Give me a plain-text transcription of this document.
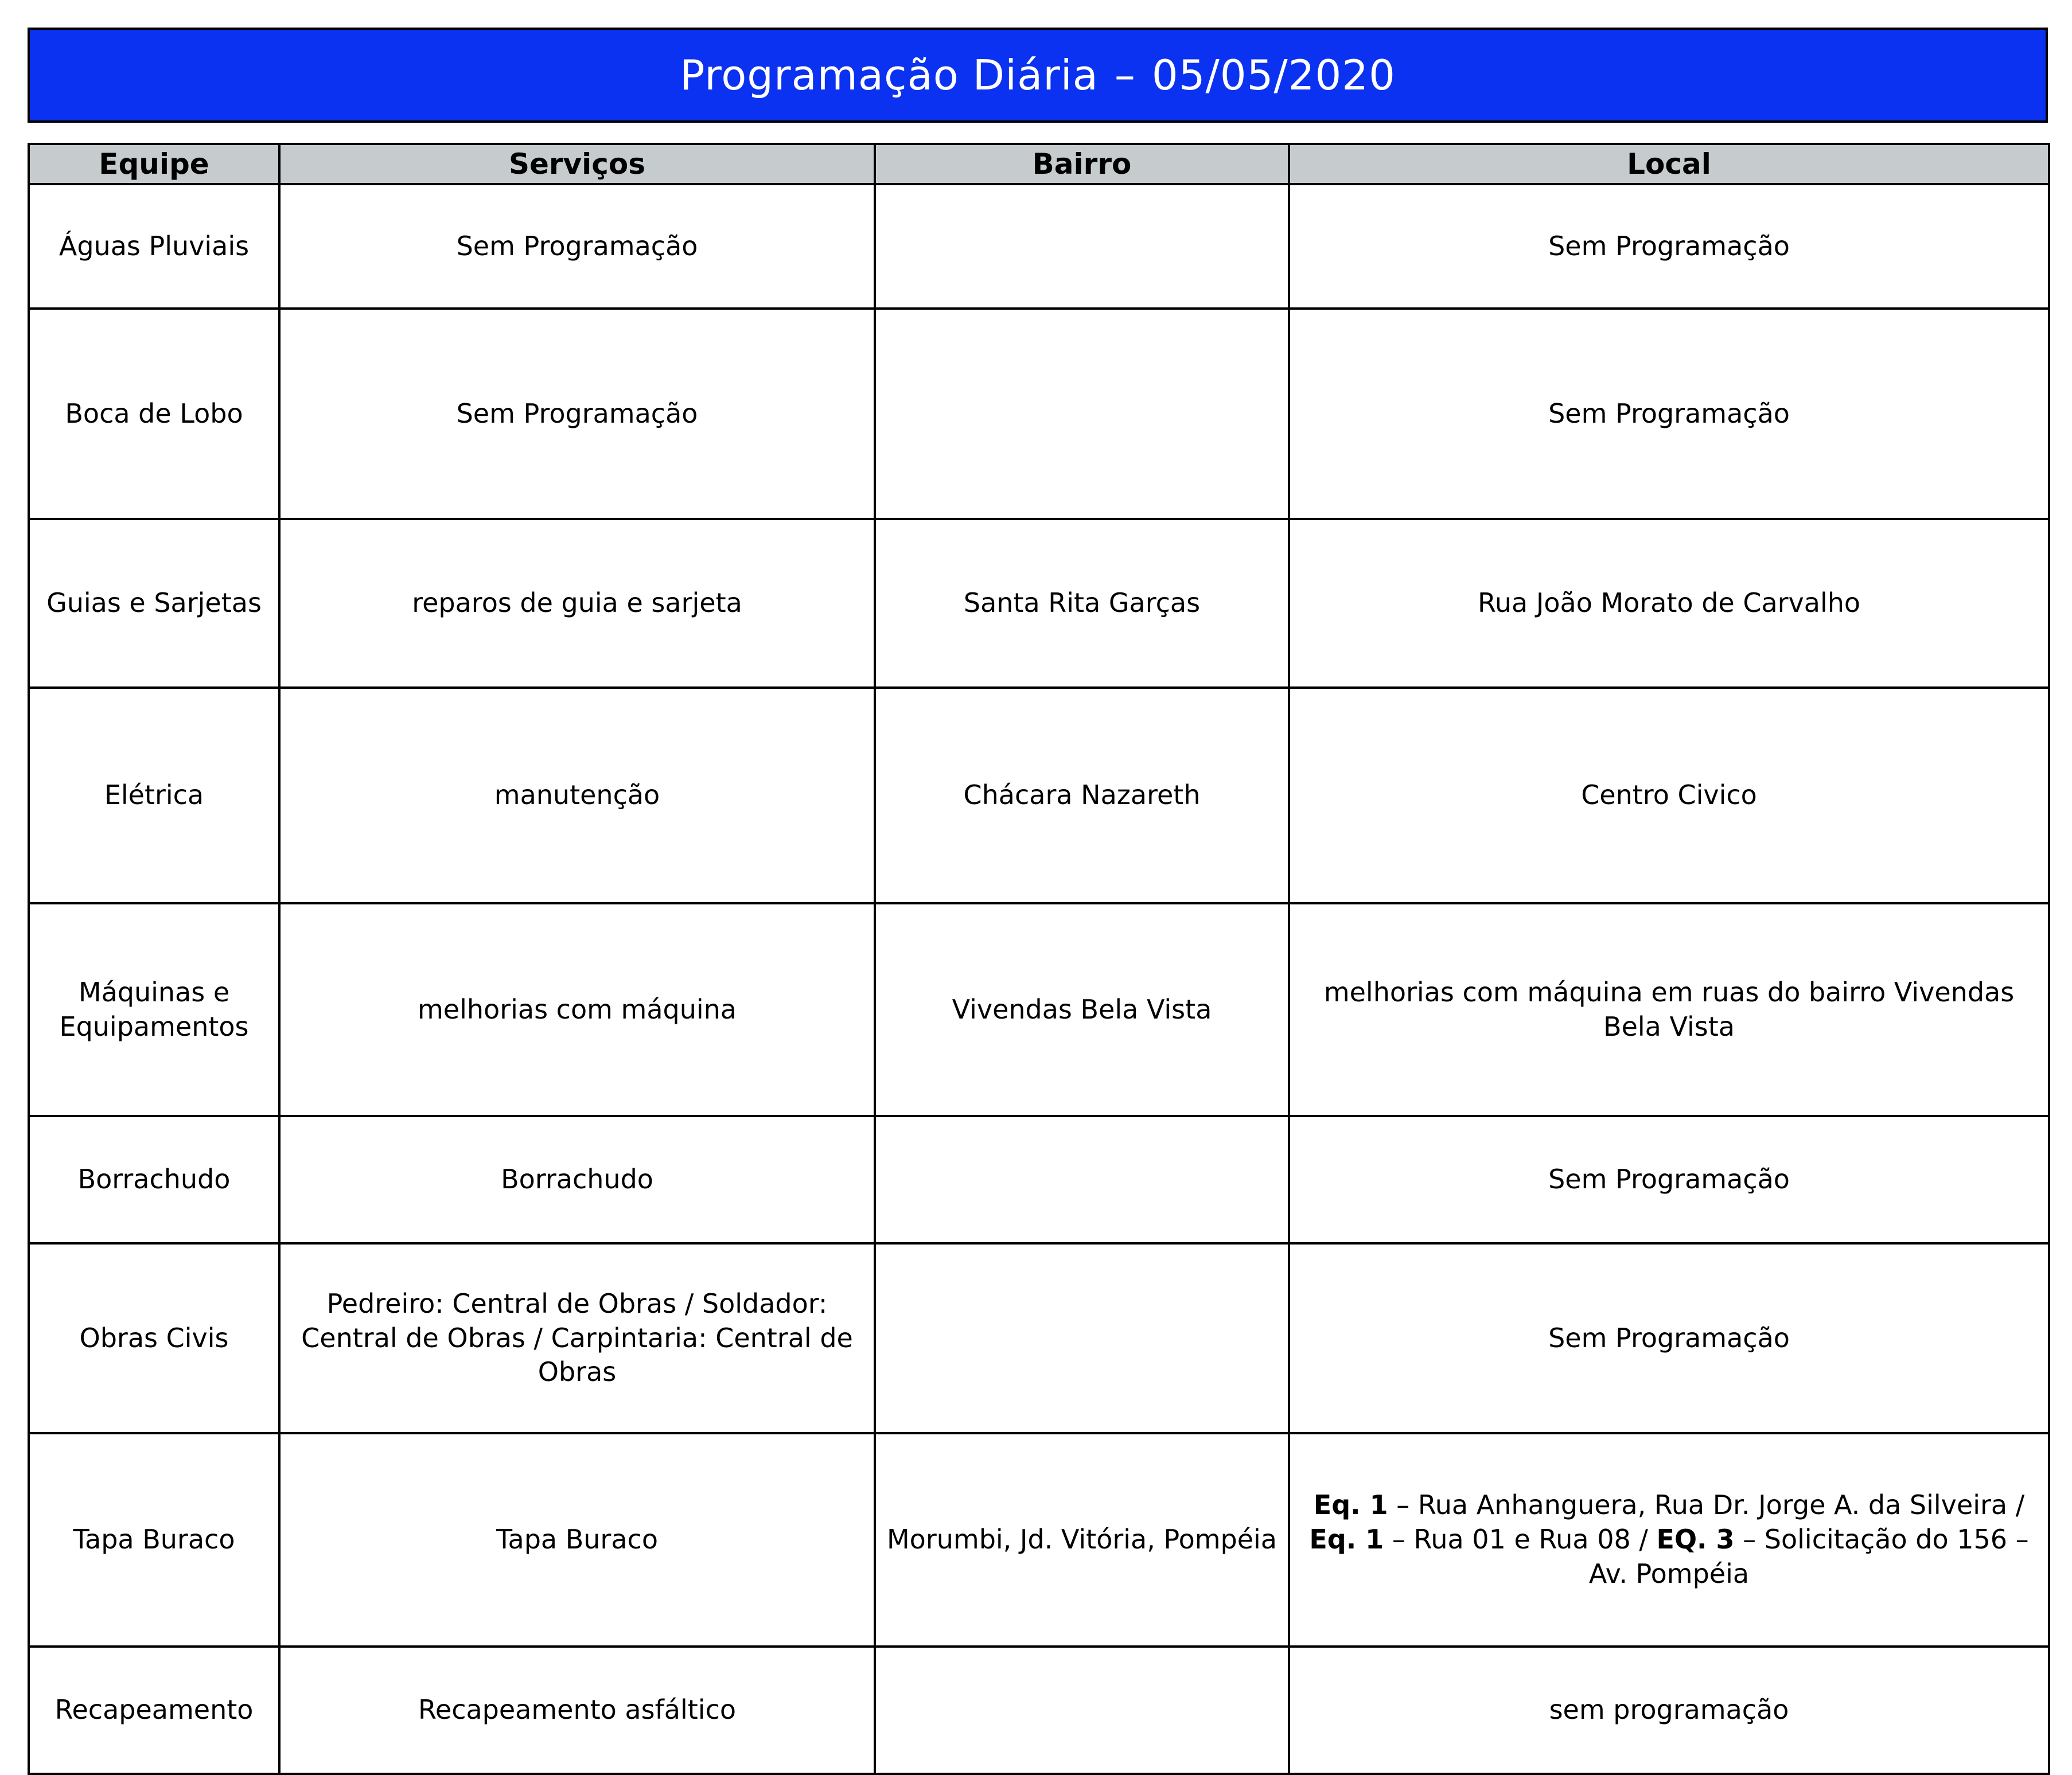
Programação Diária – 05/05/2020
Equipe	Serviços	Bairro	Local
Águas Pluviais	Sem Programação		Sem Programação
Boca de Lobo	Sem Programação		Sem Programação
Guias e Sarjetas	reparos de guia e sarjeta	Santa Rita Garças	Rua João Morato de Carvalho
Elétrica	manutenção	Chácara Nazareth	Centro Civico
Máquinas e Equipamentos	melhorias com máquina	Vivendas Bela Vista	melhorias com máquina em ruas do bairro Vivendas Bela Vista
Borrachudo	Borrachudo		Sem Programação
Obras Civis	Pedreiro: Central de Obras / Soldador: Central de Obras / Carpintaria: Central de Obras		Sem Programação
Tapa Buraco	Tapa Buraco	Morumbi, Jd. Vitória, Pompéia	Eq. 1 – Rua Anhanguera, Rua Dr. Jorge A. da Silveira / Eq. 1 – Rua 01 e Rua 08 / EQ. 3 – Solicitação do 156 – Av. Pompéia
Recapeamento	Recapeamento asfáltico		sem programação
